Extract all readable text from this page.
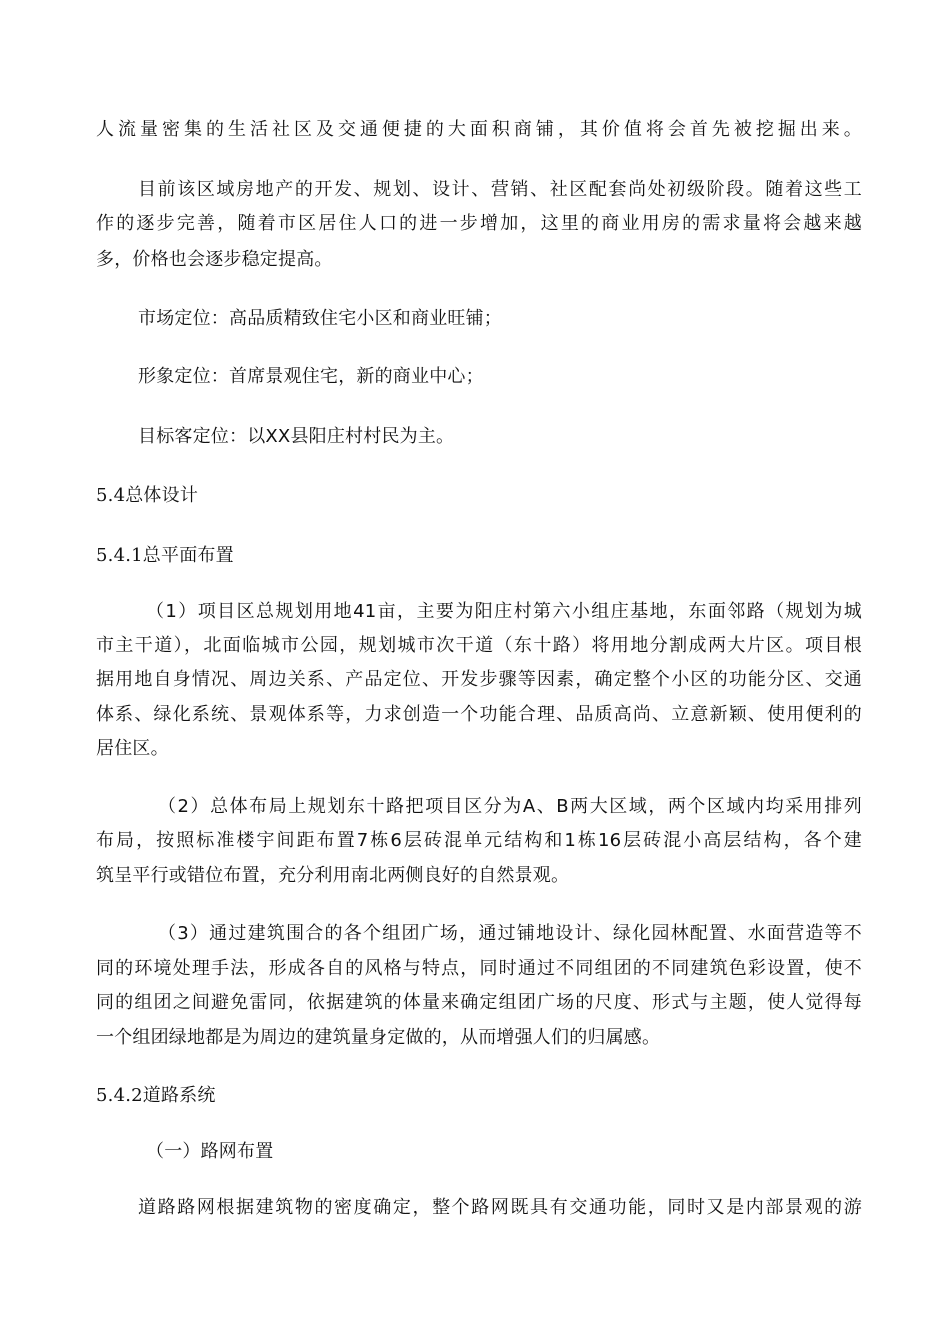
人流量密集的生活社区及交通便捷的大面积商铺，其价值将会首先被挖掘出来。
目前该区域房地产的开发、规划、设计、营销、社区配套尚处初级阶段。随着这些工
作的逐步完善，随着市区居住人口的进一步增加，这里的商业用房的需求量将会越来越
多，价格也会逐步稳定提高。
市场定位：高品质精致住宅小区和商业旺铺；
形象定位：首席景观住宅，新的商业中心；
目标客定位：以XX县阳庄村村民为主。
5.4总体设计
5.4.1总平面布置
（1）项目区总规划用地41亩，主要为阳庄村第六小组庄基地，东面邻路（规划为城
市主干道），北面临城市公园，规划城市次干道（东十路）将用地分割成两大片区。项目根
据用地自身情况、周边关系、产品定位、开发步骤等因素，确定整个小区的功能分区、交通
体系、绿化系统、景观体系等，力求创造一个功能合理、品质高尚、立意新颖、使用便利的
居住区。
（2）总体布局上规划东十路把项目区分为A、B两大区域，两个区域内均采用排列
布局，按照标准楼宇间距布置7栋6层砖混单元结构和1栋16层砖混小高层结构，各个建
筑呈平行或错位布置，充分利用南北两侧良好的自然景观。
（3）通过建筑围合的各个组团广场，通过铺地设计、绿化园林配置、水面营造等不
同的环境处理手法，形成各自的风格与特点，同时通过不同组团的不同建筑色彩设置，使不
同的组团之间避免雷同，依据建筑的体量来确定组团广场的尺度、形式与主题，使人觉得每
一个组团绿地都是为周边的建筑量身定做的，从而增强人们的归属感。
5.4.2道路系统
（一）路网布置
道路路网根据建筑物的密度确定，整个路网既具有交通功能，同时又是内部景观的游
